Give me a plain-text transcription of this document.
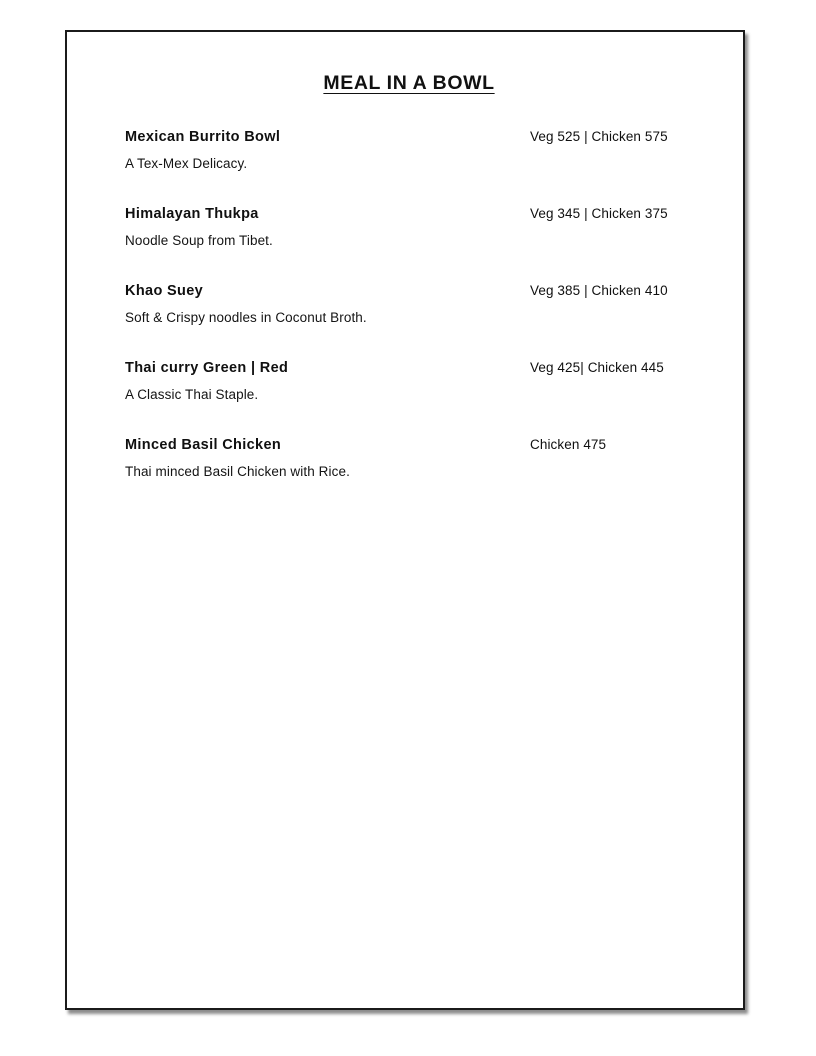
MEAL IN A BOWL
Mexican Burrito Bowl	Veg 525 | Chicken 575
A Tex-Mex Delicacy.
Himalayan Thukpa	Veg 345 | Chicken 375
Noodle Soup from Tibet.
Khao Suey	Veg 385 | Chicken 410
Soft & Crispy noodles in Coconut Broth.
Thai curry Green | Red	Veg 425| Chicken 445
A Classic Thai Staple.
Minced Basil Chicken	Chicken 475
Thai minced Basil Chicken with Rice.
